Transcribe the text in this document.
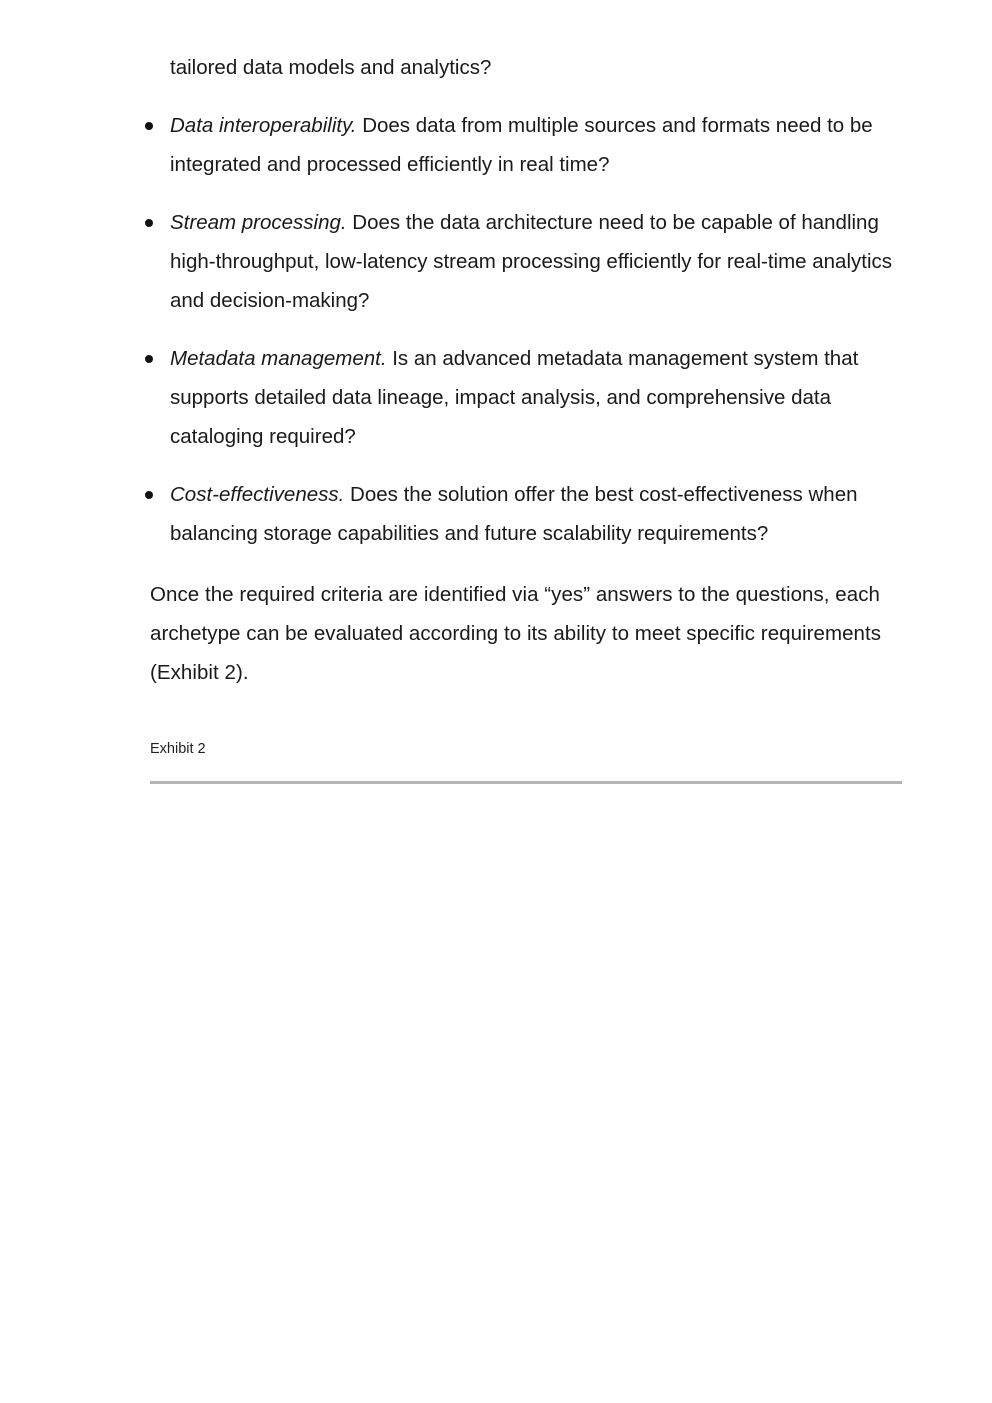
tailored data models and analytics?
Data interoperability. Does data from multiple sources and formats need to be integrated and processed efficiently in real time?
Stream processing. Does the data architecture need to be capable of handling high-throughput, low-latency stream processing efficiently for real-time analytics and decision-making?
Metadata management. Is an advanced metadata management system that supports detailed data lineage, impact analysis, and comprehensive data cataloging required?
Cost-effectiveness. Does the solution offer the best cost-effectiveness when balancing storage capabilities and future scalability requirements?

Once the required criteria are identified via “yes” answers to the questions, each archetype can be evaluated according to its ability to meet specific requirements (Exhibit 2).

Exhibit 2
